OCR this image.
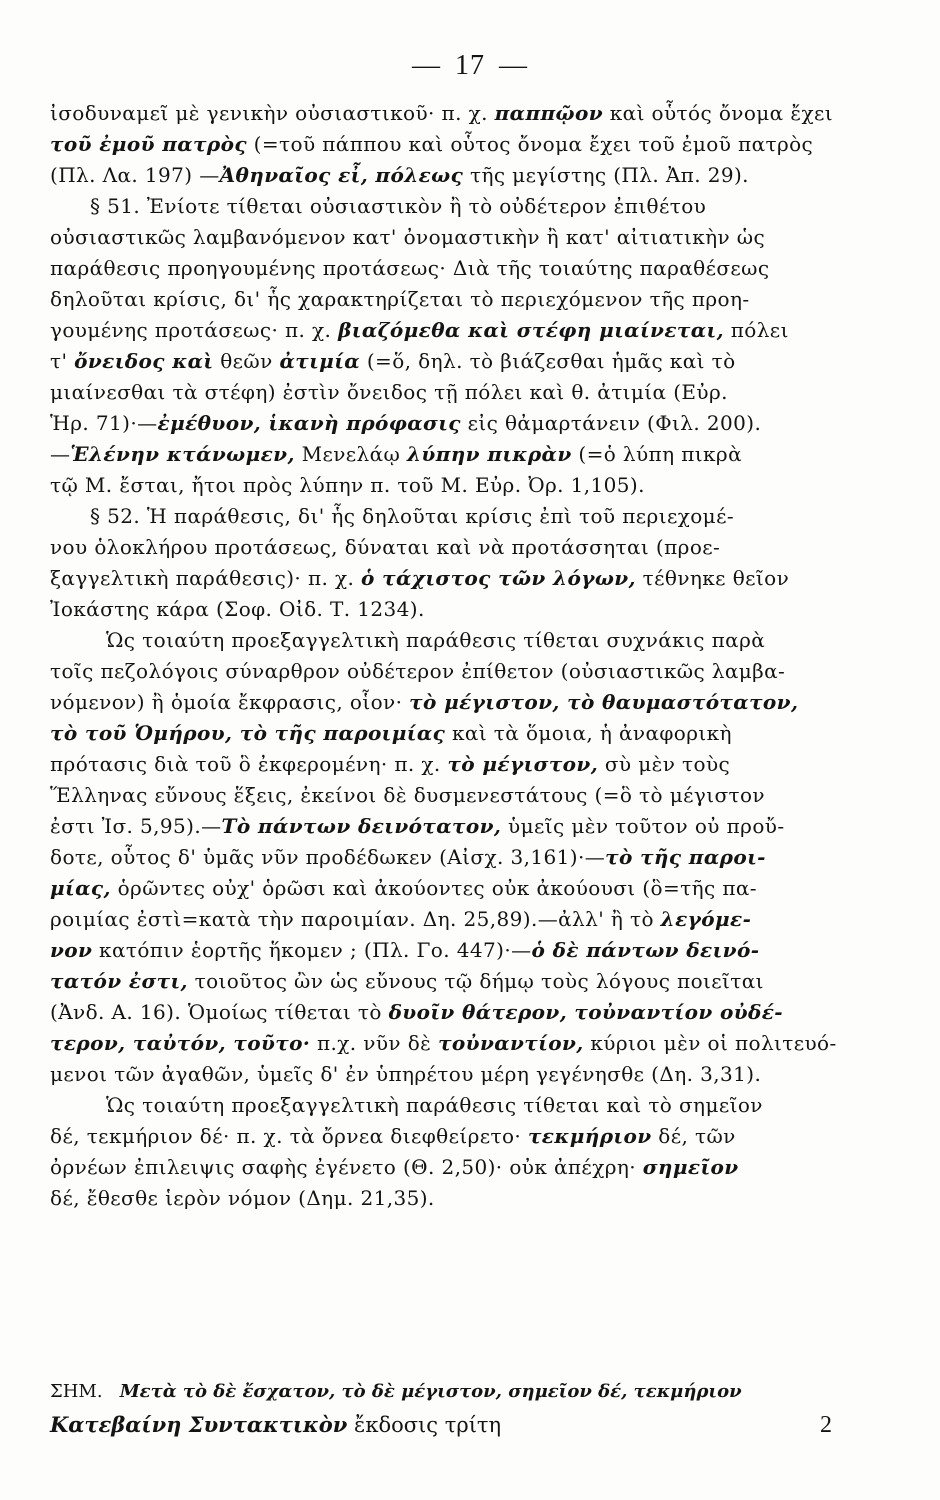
— 17 —
ἰσοδυναμεῖ μὲ γενικὴν οὐσιαστικοῦ· π. χ. παππῷον καὶ οὗτός ὄνομα ἔχει
τοῦ ἐμοῦ πατρὸς (=τοῦ πάππου καὶ οὗτος ὄνομα ἔχει τοῦ ἐμοῦ πατρὸς
(Πλ. Λα. 197) —Ἀθηναῖος εἶ, πόλεως τῆς μεγίστης (Πλ. Ἀπ. 29).
§ 51. Ἐνίοτε τίθεται οὐσιαστικὸν ἢ τὸ οὐδέτερον ἐπιθέτου
οὐσιαστικῶς λαμβανόμενον κατ' ὀνομαστικὴν ἢ κατ' αἰτιατικὴν ὡς
παράθεσις προηγουμένης προτάσεως· Διὰ τῆς τοιαύτης παραθέσεως
δηλοῦται κρίσις, δι' ἧς χαρακτηρίζεται τὸ περιεχόμενον τῆς προη-
γουμένης προτάσεως· π. χ. βιαζόμεθα καὶ στέφη μιαίνεται, πόλει
τ' ὄνειδος καὶ θεῶν ἀτιμία (=ὅ, δηλ. τὸ βιάζεσθαι ἡμᾶς καὶ τὸ
μιαίνεσθαι τὰ στέφη) ἐστὶν ὄνειδος τῇ πόλει καὶ θ. ἀτιμία (Εὐρ.
Ἡρ. 71)·—ἐμέθυον, ἱκανὴ πρόφασις εἰς θἀμαρτάνειν (Φιλ. 200).
—Ἑλένην κτάνωμεν, Μενελάῳ λύπην πικρὰν (=ὁ λύπη πικρὰ
τῷ Μ. ἔσται, ἤτοι πρὸς λύπην π. τοῦ Μ. Εὐρ. Ὀρ. 1,105).
§ 52. Ἡ παράθεσις, δι' ἧς δηλοῦται κρίσις ἐπὶ τοῦ περιεχομέ-
νου ὁλοκλήρου προτάσεως, δύναται καὶ νὰ προτάσσηται (προε-
ξαγγελτικὴ παράθεσις)· π. χ. ὁ τάχιστος τῶν λόγων, τέθνηκε θεῖον
Ἰοκάστης κάρα (Σοφ. Οἰδ. Τ. 1234).
Ὡς τοιαύτη προεξαγγελτικὴ παράθεσις τίθεται συχνάκις παρὰ
τοῖς πεζολόγοις σύναρθρον οὐδέτερον ἐπίθετον (οὐσιαστικῶς λαμβα-
νόμενον) ἢ ὁμοία ἔκφρασις, οἷον· τὸ μέγιστον, τὸ θαυμαστότατον,
τὸ τοῦ Ὁμήρου, τὸ τῆς παροιμίας καὶ τὰ ὅμοια, ἡ ἀναφορικὴ
πρότασις διὰ τοῦ ὃ ἐκφερομένη· π. χ. τὸ μέγιστον, σὺ μὲν τοὺς
Ἕλληνας εὔνους ἕξεις, ἐκείνοι δὲ δυσμενεστάτους (=ὃ τὸ μέγιστον
ἐστι Ἰσ. 5,95).—Τὸ πάντων δεινότατον, ὑμεῖς μὲν τοῦτον οὐ προὔ-
δοτε, οὗτος δ' ὑμᾶς νῦν προδέδωκεν (Αἰσχ. 3,161)·—τὸ τῆς παροι-
μίας, ὁρῶντες οὐχ' ὁρῶσι καὶ ἀκούοντες οὐκ ἀκούουσι (ὃ=τῆς πα-
ροιμίας ἐστὶ=κατὰ τὴν παροιμίαν. Δη. 25,89).—ἀλλ' ἢ τὸ λεγόμε-
νον κατόπιν ἑορτῆς ἥκομεν ; (Πλ. Γο. 447)·—ὁ δὲ πάντων δεινό-
τατόν ἐστι, τοιοῦτος ὢν ὡς εὔνους τῷ δήμῳ τοὺς λόγους ποιεῖται
(Ἀνδ. Α. 16). Ὁμοίως τίθεται τὸ δυοῖν θάτερον, τοὐναντίον οὐδέ-
τερον, ταὐτόν, τοῦτο· π.χ. νῦν δὲ τοὐναντίον, κύριοι μὲν οἱ πολιτευό-
μενοι τῶν ἀγαθῶν, ὑμεῖς δ' ἐν ὑπηρέτου μέρη γεγένησθε (Δη. 3,31).
Ὡς τοιαύτη προεξαγγελτικὴ παράθεσις τίθεται καὶ τὸ σημεῖον
δέ, τεκμήριον δέ· π. χ. τὰ ὄρνεα διεφθείρετο· τεκμήριον δέ, τῶν
ὀρνέων ἐπιλειψις σαφὴς ἐγένετο (Θ. 2,50)· οὐκ ἀπέχρη· σημεῖον
δέ, ἔθεσθε ἱερὸν νόμον (Δημ. 21,35).
ΣΗΜ. Μετὰ τὸ δὲ ἔσχατον, τὸ δὲ μέγιστον, σημεῖον δέ, τεκμήριον
Κατεβαίνη Συντακτικὸν ἔκδοσις τρίτη	2
